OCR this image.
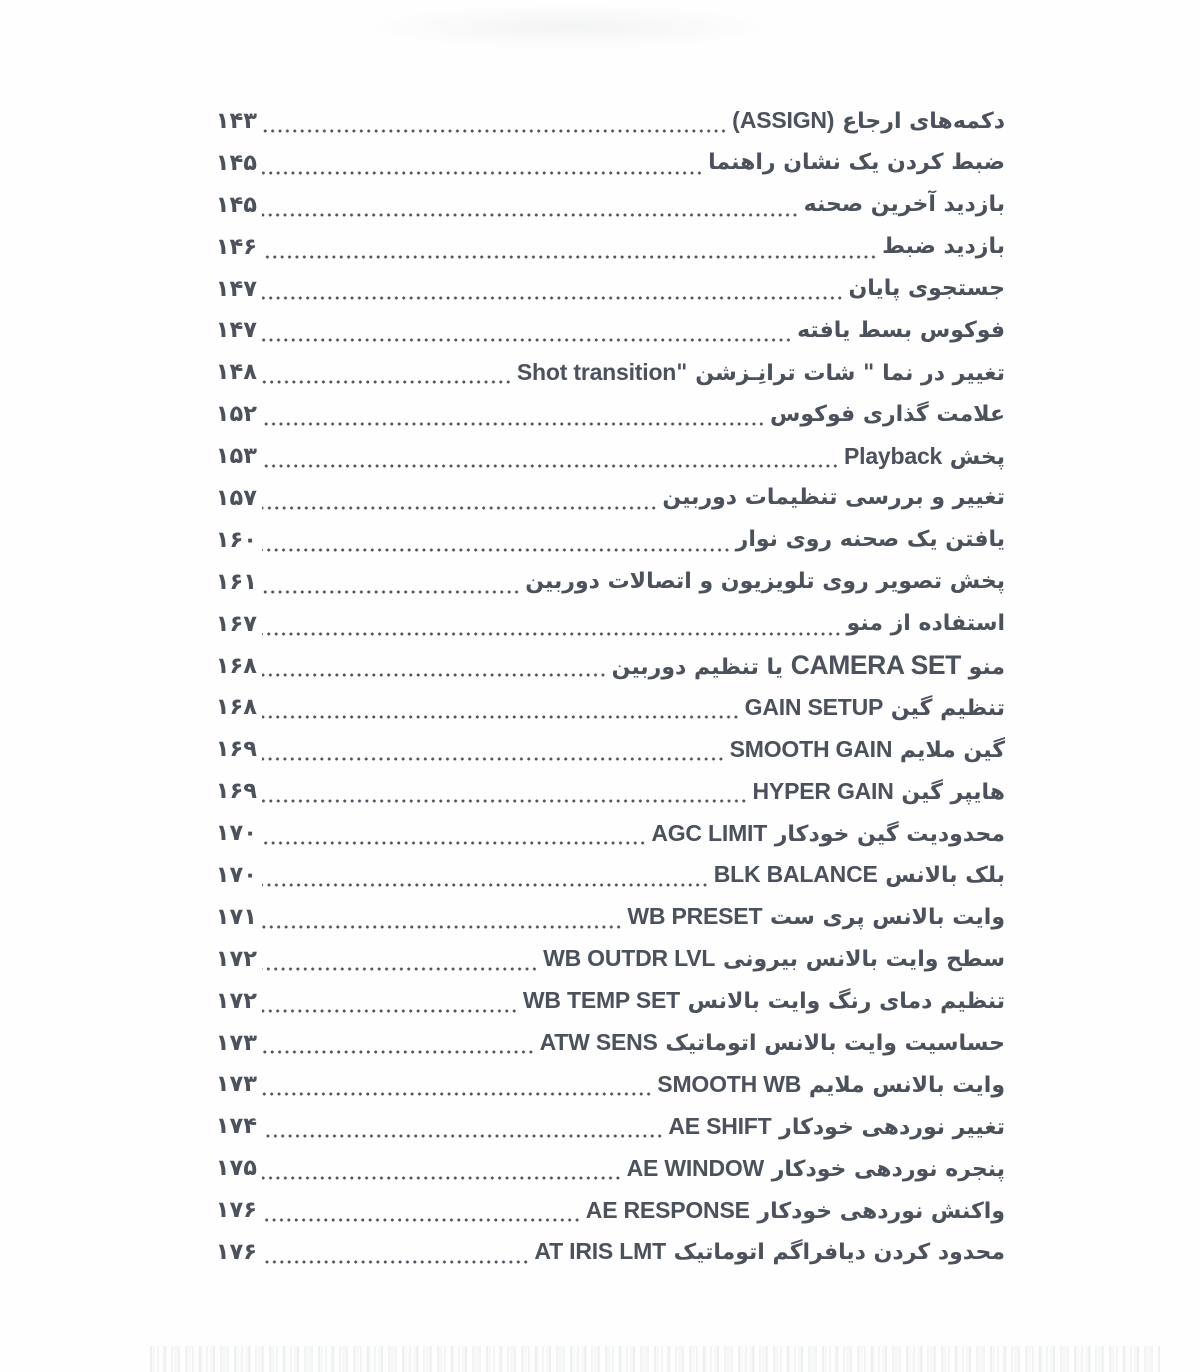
دکمه‌های ارجاع (ASSIGN)
۱۴۳
ضبط کردن یک نشان راهنما
۱۴۵
بازدید آخرین صحنه
۱۴۵
بازدید ضبط
۱۴۶
جستجوی پایان
۱۴۷
فوکوس بسط یافته
۱۴۷
تغییر در نما " شات ترانِـزشن "Shot transition
۱۴۸
علامت گذاری فوکوس
۱۵۲
پخش Playback
۱۵۳
تغییر و بررسی تنظیمات دوربین
۱۵۷
یافتن یک صحنه روی نوار
۱۶۰
پخش تصویر روی تلویزیون و اتصالات دوربین
۱۶۱
استفاده از منو
۱۶۷
منو CAMERA SET یا تنظیم دوربین
۱۶۸
تنظیم گین GAIN SETUP
۱۶۸
گین ملایم SMOOTH GAIN
۱۶۹
هایپر گین HYPER GAIN
۱۶۹
محدودیت گین خودکار AGC LIMIT
۱۷۰
بلک بالانس BLK BALANCE
۱۷۰
وایت بالانس پری ست WB PRESET
۱۷۱
سطح وایت بالانس بیرونی WB OUTDR LVL
۱۷۲
تنظیم دمای رنگ وایت بالانس WB TEMP SET
۱۷۲
حساسیت وایت بالانس اتوماتیک ATW SENS
۱۷۳
وایت بالانس ملایم SMOOTH WB
۱۷۳
تغییر نوردهی خودکار AE SHIFT
۱۷۴
پنجره نوردهی خودکار AE WINDOW
۱۷۵
واکنش نوردهی خودکار AE RESPONSE
۱۷۶
محدود کردن دیافراگم اتوماتیک AT IRIS LMT
۱۷۶
